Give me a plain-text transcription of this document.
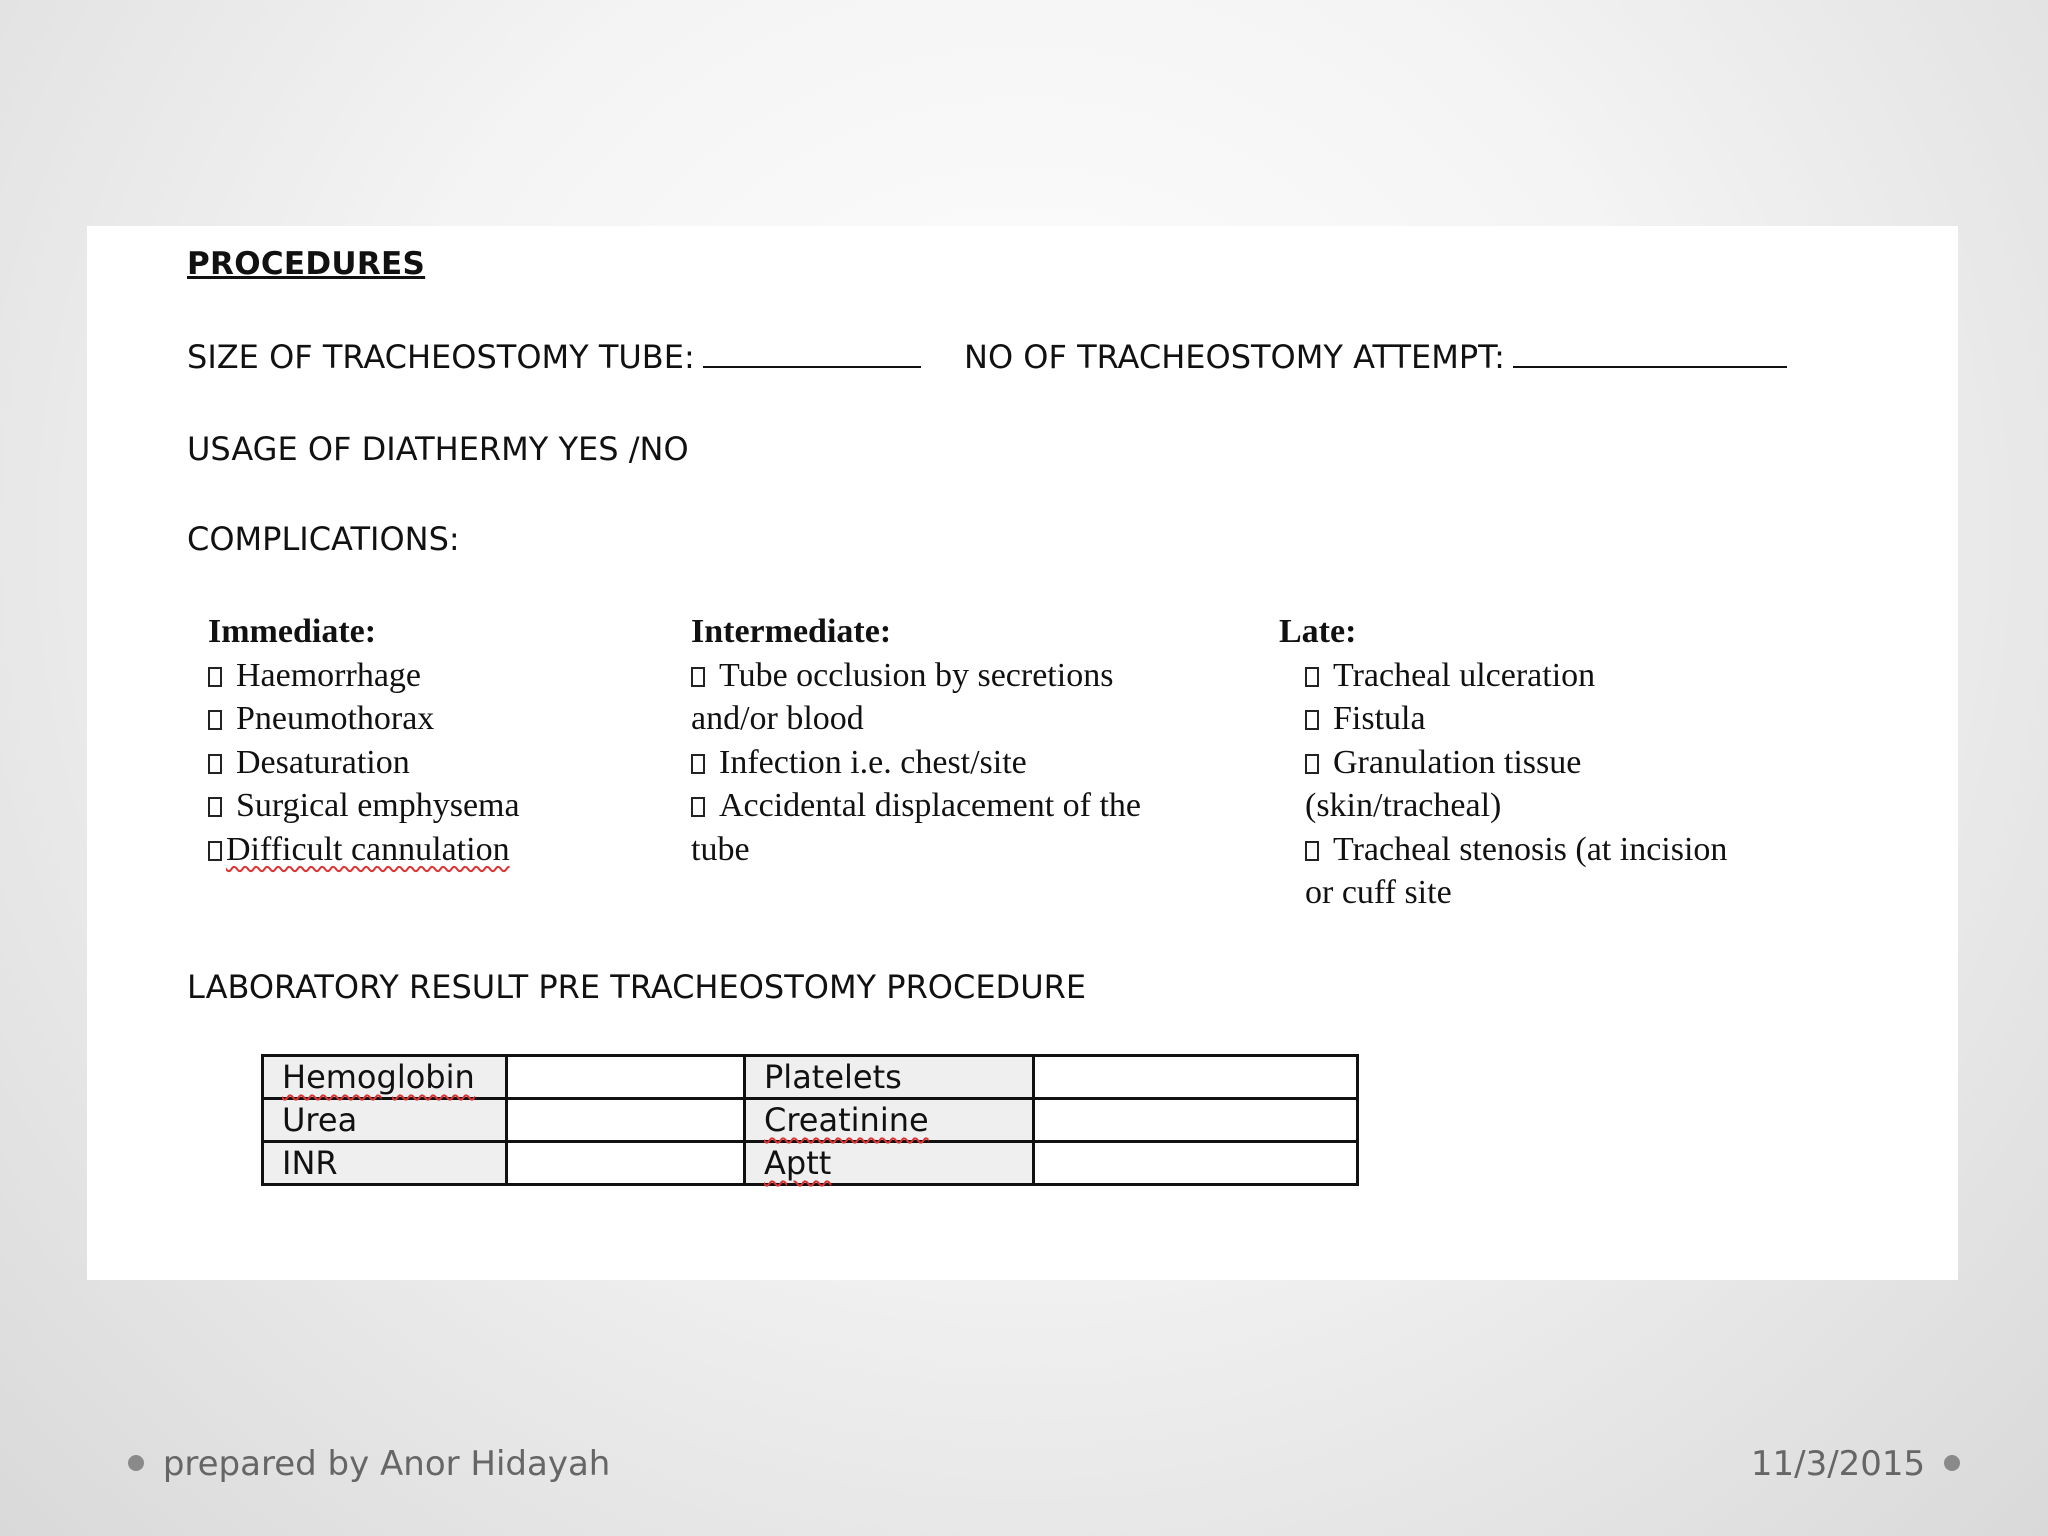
PROCEDURES
SIZE OF TRACHEOSTOMY TUBE:	NO OF TRACHEOSTOMY ATTEMPT:
USAGE OF DIATHERMY YES /NO
COMPLICATIONS:
Immediate:
Haemorrhage
Pneumothorax
Desaturation
Surgical emphysema
Difficult cannulation
Intermediate:
Tube occlusion by secretions
and/or blood
Infection i.e. chest/site
Accidental displacement of the
tube
Late:
Tracheal ulceration
Fistula
Granulation tissue
(skin/tracheal)
Tracheal stenosis (at incision
or cuff site
LABORATORY RESULT PRE TRACHEOSTOMY PROCEDURE
Hemoglobin		Platelets	
Urea		Creatinine	
INR		Aptt	
prepared by Anor Hidayah	11/3/2015
